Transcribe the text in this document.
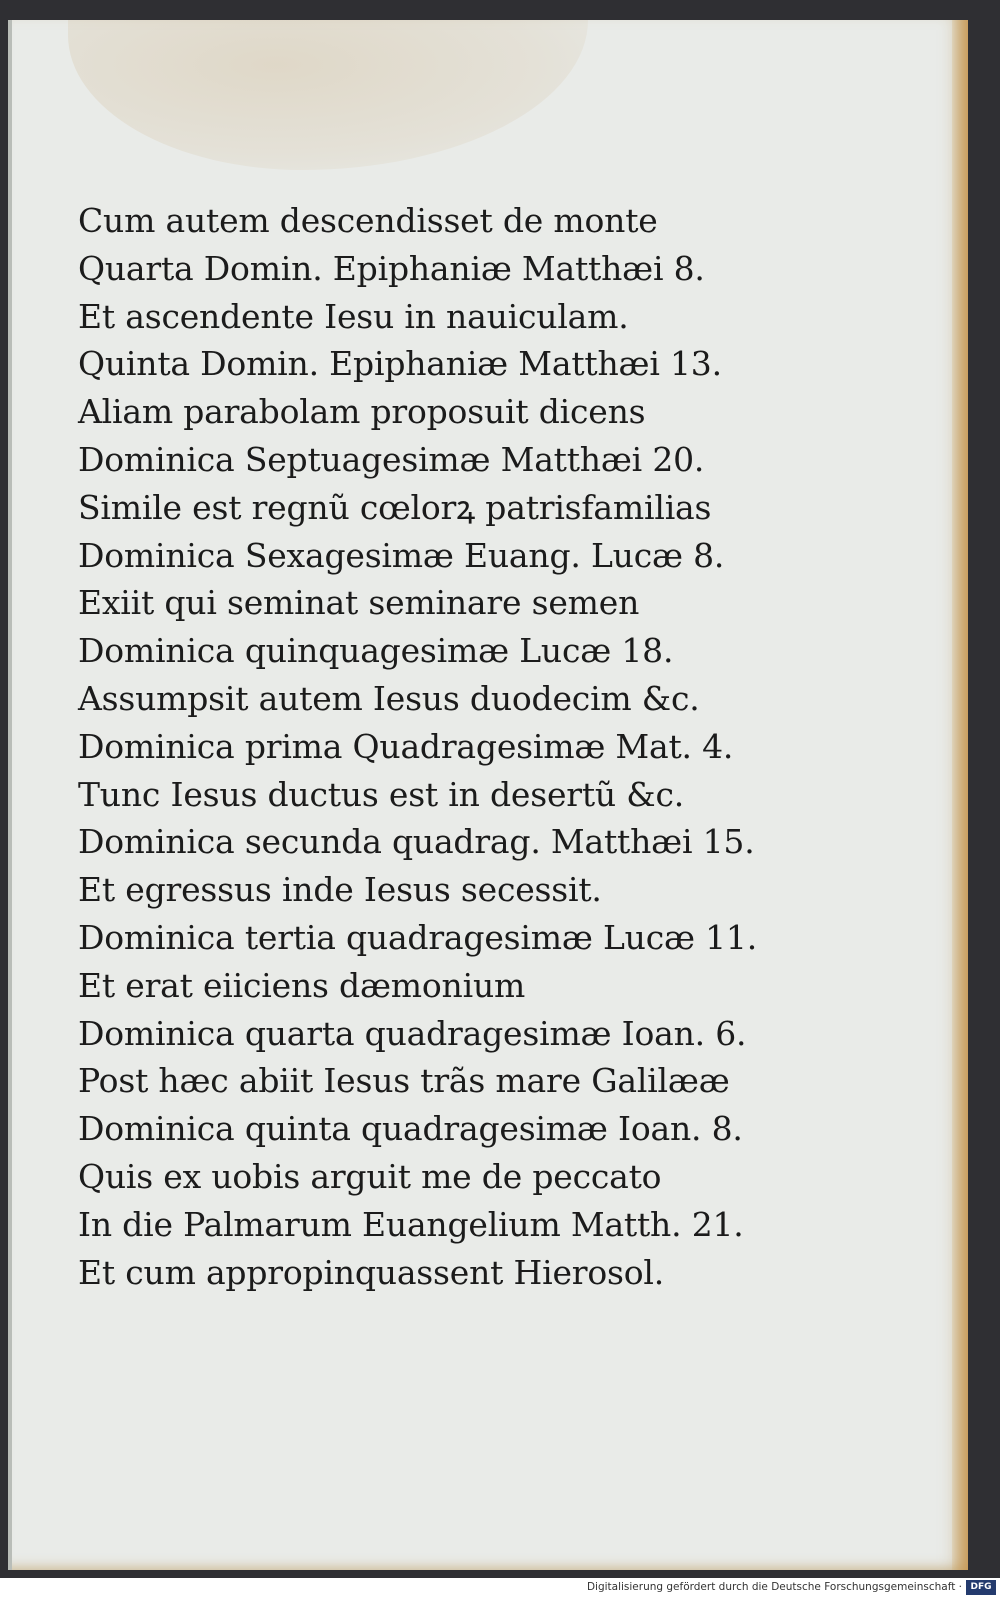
Cum autem descendisset de monte
Quarta Domin. Epiphaniæ Matthæi 8.
Et ascendente Iesu in nauiculam.
Quinta Domin. Epiphaniæ Matthæi 13.
Aliam parabolam proposuit dicens
Dominica Septuagesimæ Matthæi 20.
Simile est regnũ cœlorꝝ patrisfamilias
Dominica Sexagesimæ Euang. Lucæ 8.
Exiit qui seminat seminare semen
Dominica quinquagesimæ Lucæ 18.
Assumpsit autem Iesus duodecim &c.
Dominica prima Quadragesimæ Mat. 4.
Tunc Iesus ductus est in desertũ &c.
Dominica secunda quadrag. Matthæi 15.
Et egressus inde Iesus secessit.
Dominica tertia quadragesimæ Lucæ 11.
Et erat eiiciens dæmonium
Dominica quarta quadragesimæ Ioan. 6.
Post hæc abiit Iesus trãs mare Galilææ
Dominica quinta quadragesimæ Ioan. 8.
Quis ex uobis arguit me de peccato
In die Palmarum Euangelium Matth. 21.
Et cum appropinquassent Hierosol.
Digitalisierung gefördert durch die Deutsche Forschungsgemeinschaft · DFG
